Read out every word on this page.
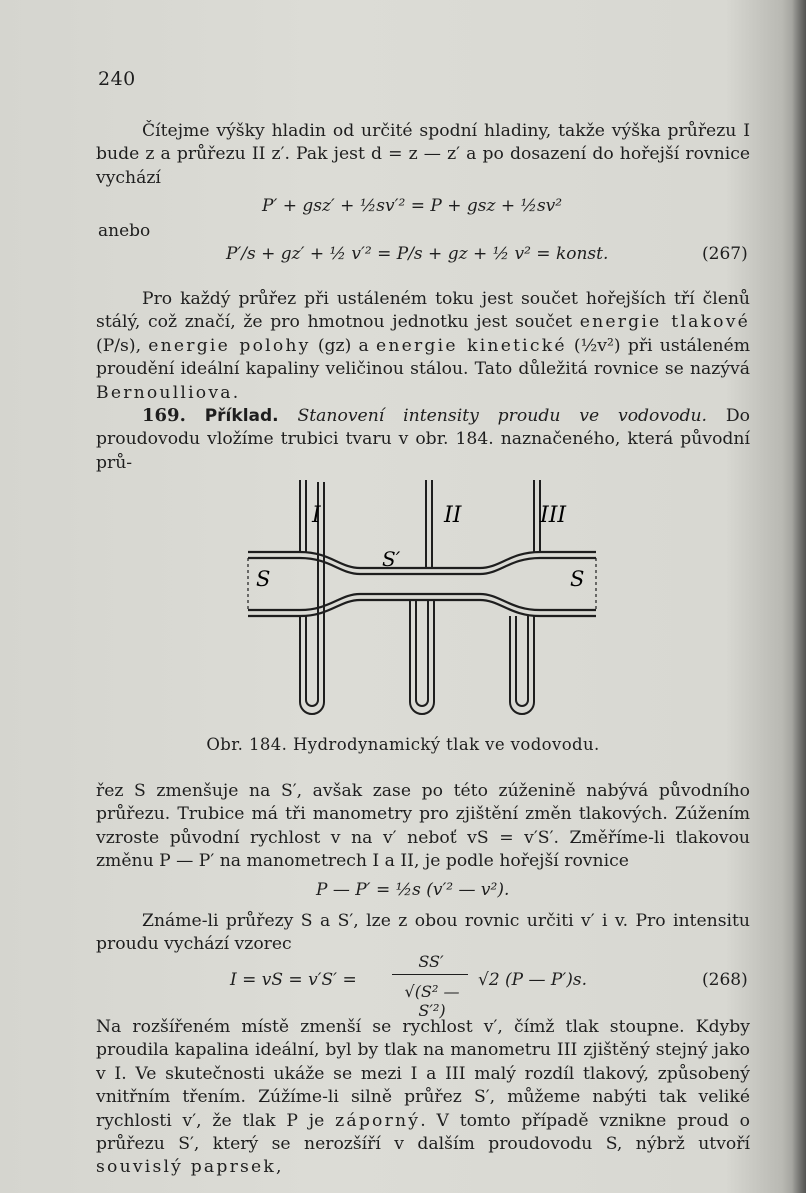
240

Čítejme výšky hladin od určité spodní hladiny, takže výška průřezu I bude z a průřezu II z′. Pak jest d = z — z′ a po dosazení do hořejší rovnice vychází

P′ + gsz′ + ½sv′² = P + gsz + ½sv²
anebo
P′/s + gz′ + ½ v′² = P/s + gz + ½ v² = konst.	(267)

Pro každý průřez při ustáleném toku jest součet hořejších tří členů stálý, což značí, že pro hmotnou jednotku jest součet energie tlakové (P/s), energie polohy (gz) a energie kinetické (½v²) při ustáleném proudění ideální kapaliny veličinou stálou. Tato důležitá rovnice se nazývá Bernoulliova.

169. Příklad. Stanovení intensity proudu ve vodovodu. Do proudovodu vložíme trubici tvaru v obr. 184. naznačeného, která původní prů-

I	II	III
S
S′
S
Obr. 184. Hydrodynamický tlak ve vodovodu.

řez S zmenšuje na S′, avšak zase po této zúženině nabývá původního průřezu. Trubice má tři manometry pro zjištění změn tlakových. Zúžením vzroste původní rychlost v na v′ neboť vS = v′S′. Změříme-li tlakovou změnu P — P′ na manometrech I a II, je podle hořejší rovnice

P — P′ = ½s (v′² — v²).

Známe-li průřezy S a S′, lze z obou rovnic určiti v′ i v. Pro intensitu proudu vychází vzorec

I = vS = v′S′ =
SS′
√(S² — S′²)
√2 (P — P′)s.	(268)

Na rozšířeném místě zmenší se rychlost v′, čímž tlak stoupne. Kdyby proudila kapalina ideální, byl by tlak na manometru III zjištěný stejný jako v I. Ve skutečnosti ukáže se mezi I a III malý rozdíl tlakový, způsobený vnitřním třením. Zúžíme-li silně průřez S′, můžeme nabýti tak veliké rychlosti v′, že tlak P je záporný. V tomto případě vznikne proud o průřezu S′, který se nerozšíří v dalším proudovodu S, nýbrž utvoří souvislý paprsek,
